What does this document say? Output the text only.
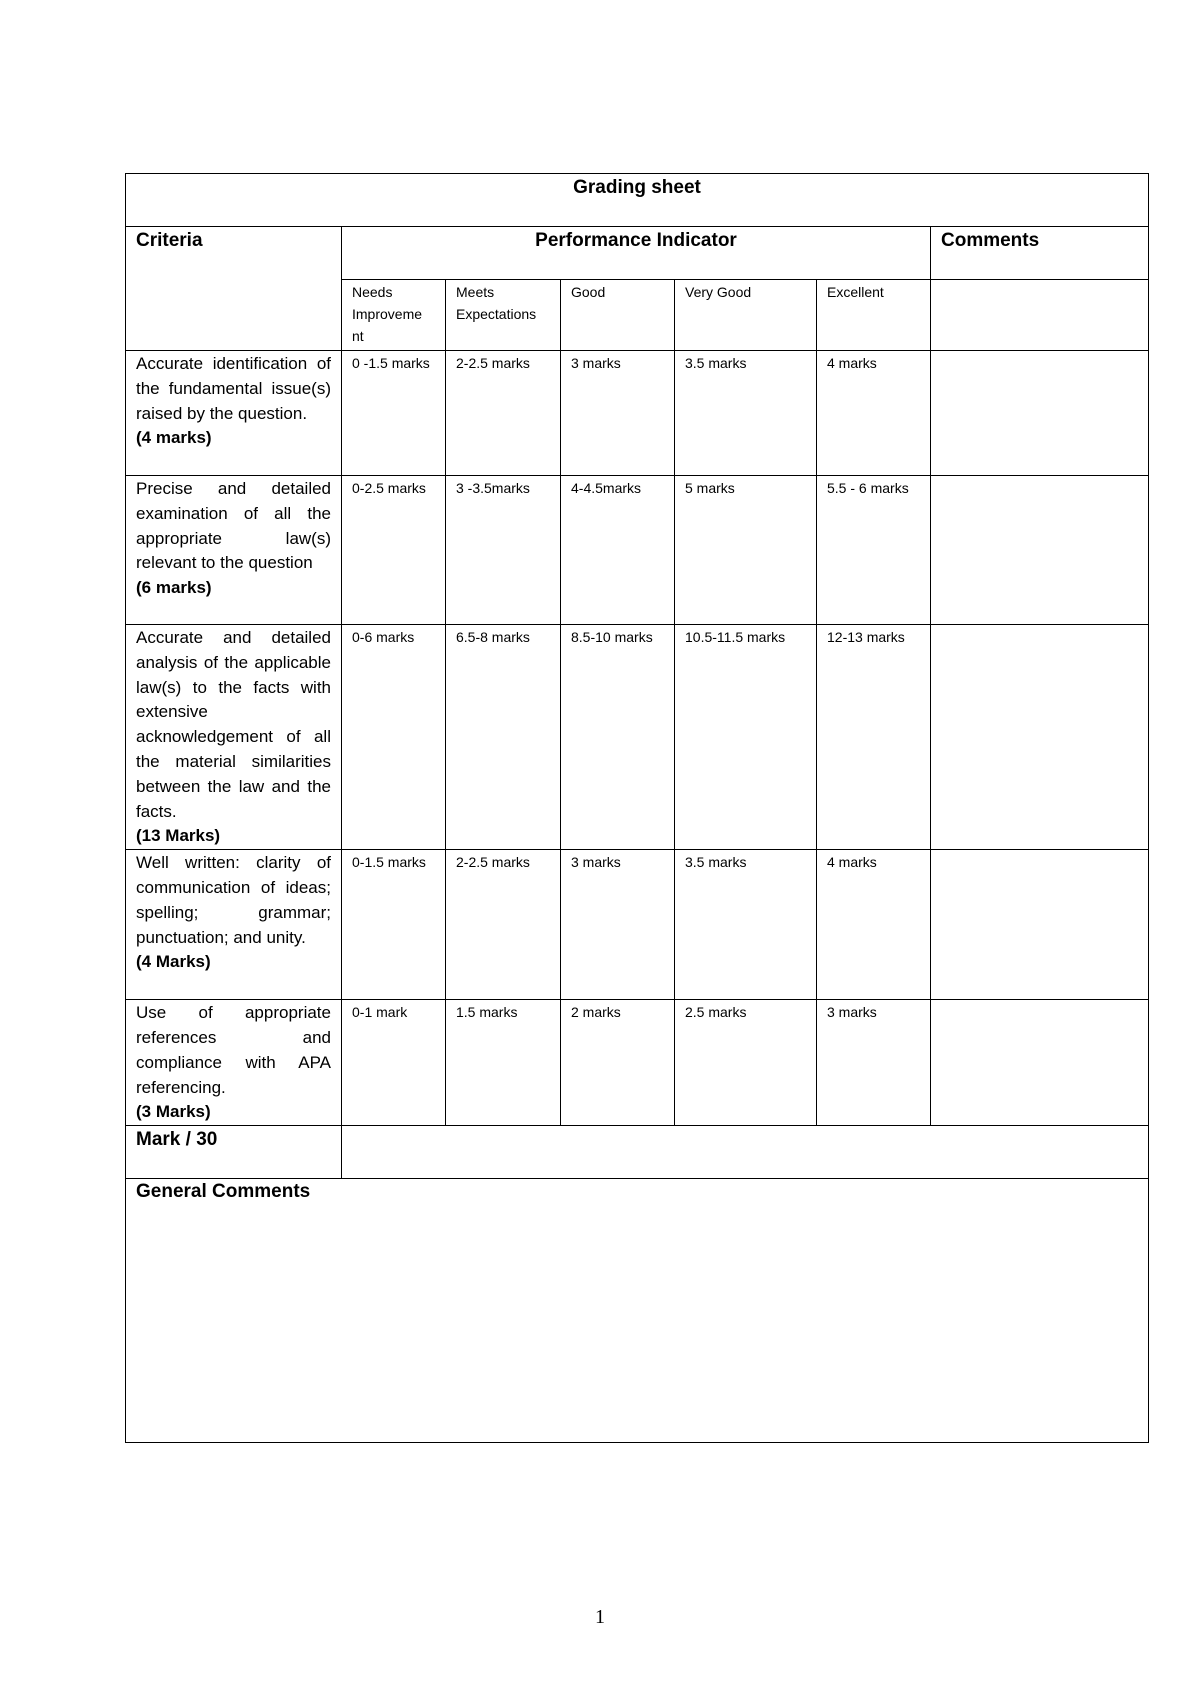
Grading sheet						
Criteria	Performance Indicator					Comments
	Needs Improveme nt	Meets Expectations	Good	Very Good	Excellent	

Accurate identification of the fundamental issue(s) raised by the question.
(4 marks)	0 -1.5 marks	2-2.5 marks	3 marks	3.5 marks	4 marks	

Precise and detailed examination of all the appropriate law(s) relevant to the question
(6 marks)	0-2.5 marks	3 -3.5marks	4-4.5marks	5 marks	5.5 - 6 marks	

Accurate and detailed analysis of the applicable law(s) to the facts with extensive acknowledgement of all the material similarities between the law and the facts.
(13 Marks)	0-6 marks	6.5-8 marks	8.5-10 marks	10.5-11.5 marks	12-13 marks	

Well written: clarity of communication of ideas; spelling; grammar; punctuation; and unity.
(4 Marks)	0-1.5 marks	2-2.5 marks	3 marks	3.5 marks	4 marks	

Use of appropriate references and compliance with APA referencing.
(3 Marks)	0-1 mark	1.5 marks	2 marks	2.5 marks	3 marks	
Mark / 30						
General Comments						
1
